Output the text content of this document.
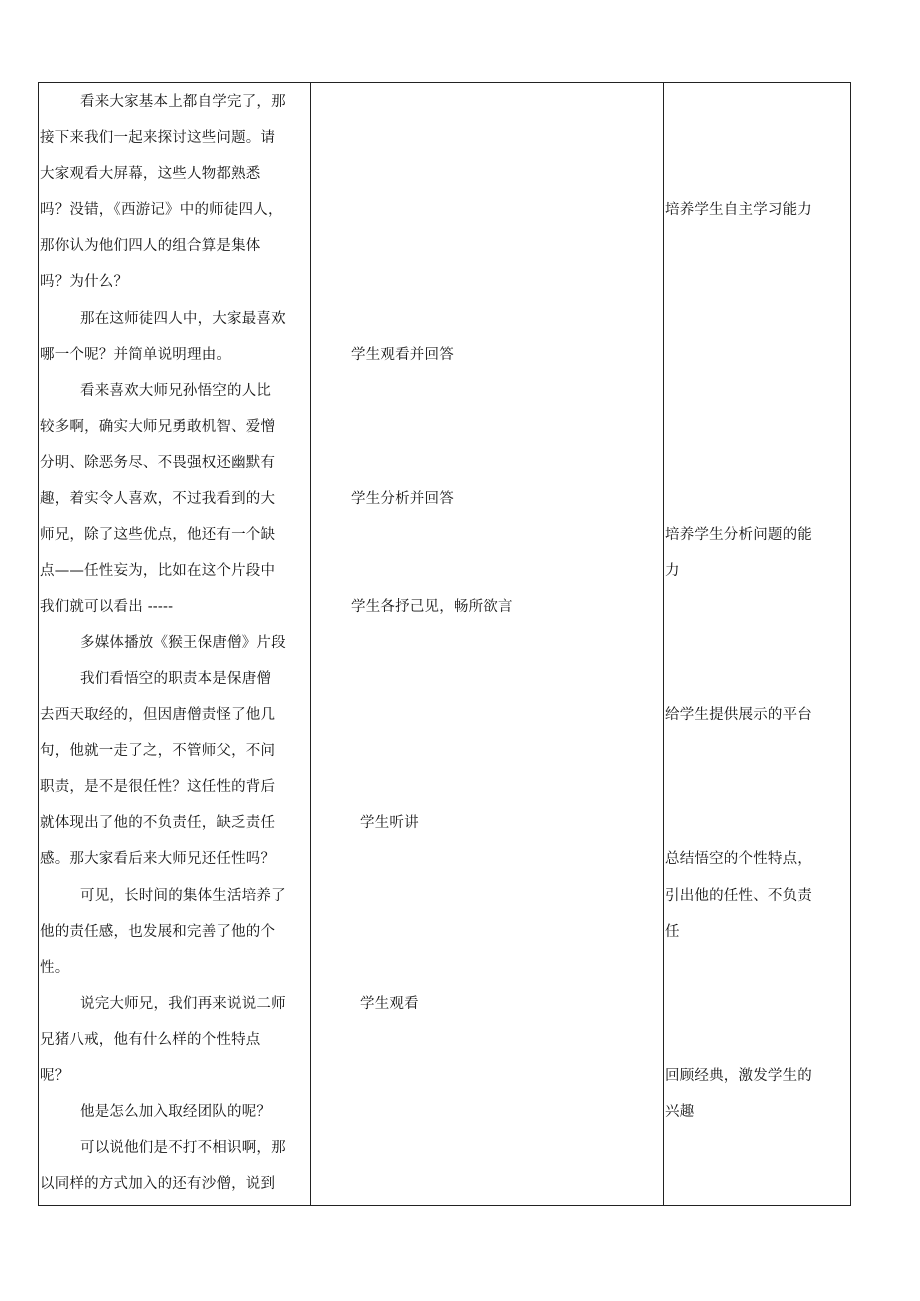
看来大家基本上都自学完了，那
接下来我们一起来探讨这些问题。请
大家观看大屏幕，这些人物都熟悉
吗？没错，《西游记》中的师徒四人，
那你认为他们四人的组合算是集体
吗？为什么？
那在这师徒四人中，大家最喜欢
哪一个呢？并简单说明理由。
看来喜欢大师兄孙悟空的人比
较多啊，确实大师兄勇敢机智、爱憎
分明、除恶务尽、不畏强权还幽默有
趣，着实令人喜欢，不过我看到的大
师兄，除了这些优点，他还有一个缺
点——任性妄为，比如在这个片段中
我们就可以看出 -----
多媒体播放《猴王保唐僧》片段
我们看悟空的职责本是保唐僧
去西天取经的，但因唐僧责怪了他几
句，他就一走了之，不管师父，不问
职责，是不是很任性？这任性的背后
就体现出了他的不负责任，缺乏责任
感。那大家看后来大师兄还任性吗？
可见，长时间的集体生活培养了
他的责任感，也发展和完善了他的个
性。
说完大师兄，我们再来说说二师
兄猪八戒，他有什么样的个性特点
呢？
他是怎么加入取经团队的呢？
可以说他们是不打不相识啊，那
以同样的方式加入的还有沙僧，说到
学生观看并回答
学生分析并回答
学生各抒己见，畅所欲言
学生听讲
学生观看
培养学生自主学习能力
培养学生分析问题的能
力
给学生提供展示的平台
总结悟空的个性特点，
引出他的任性、不负责
任
回顾经典，激发学生的
兴趣
